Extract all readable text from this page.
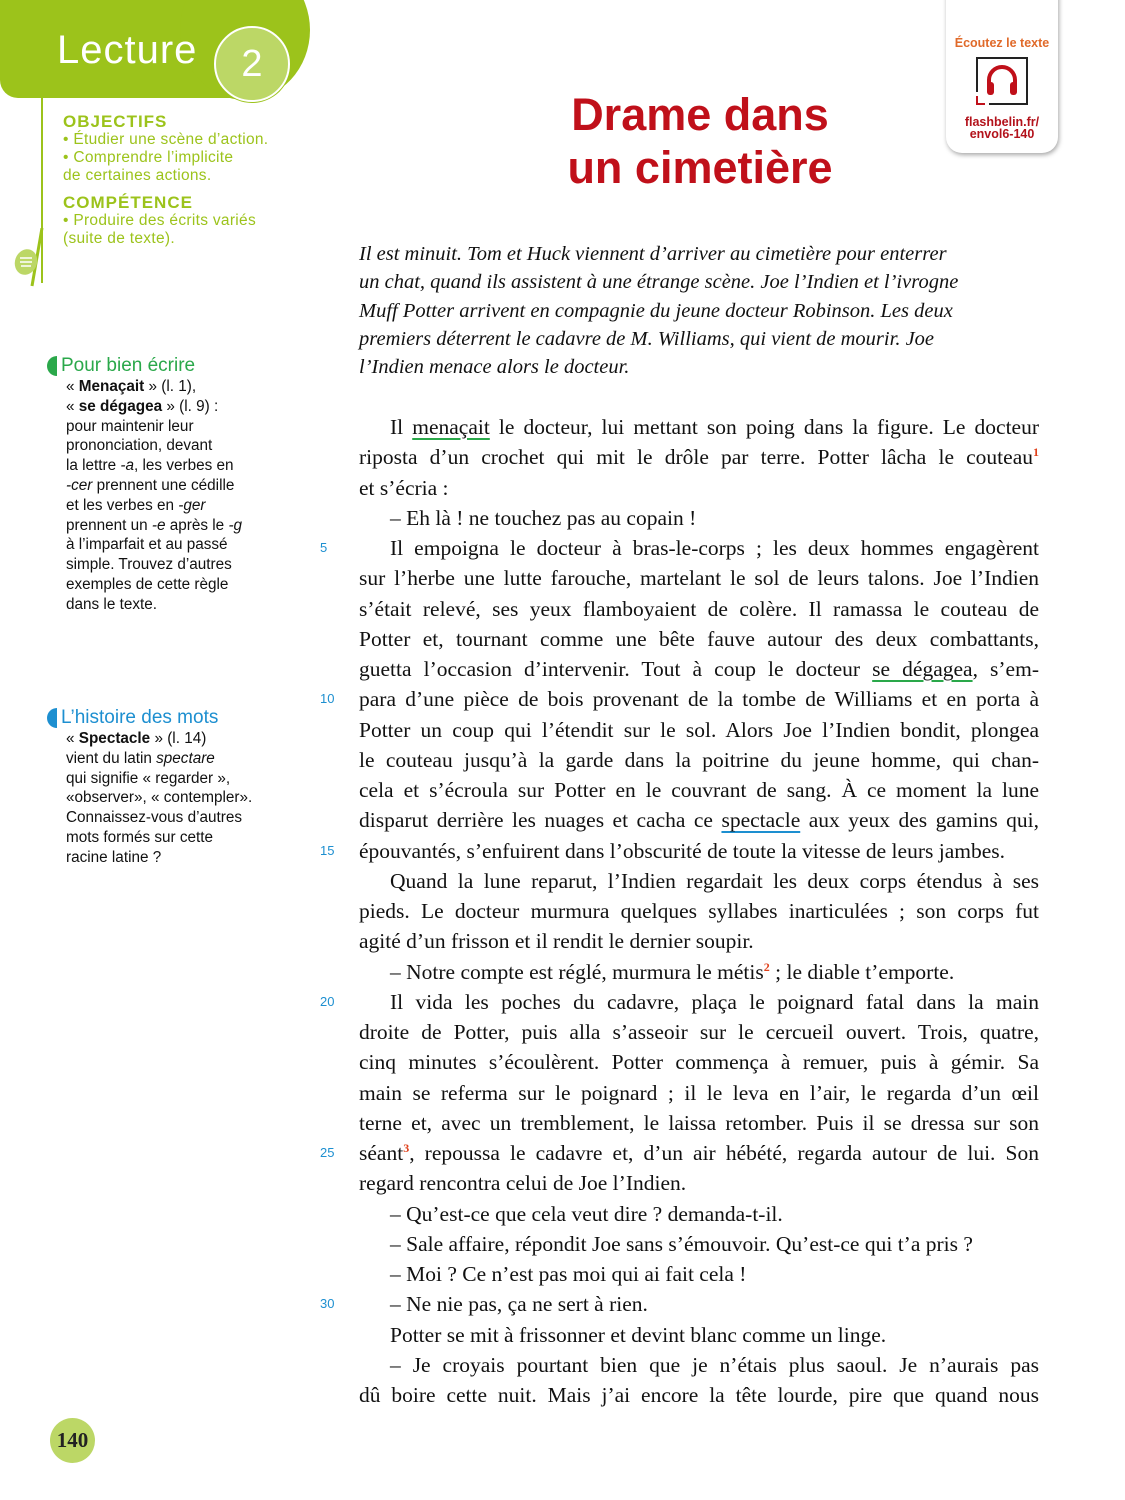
Lecture	2
OBJECTIFS
• Étudier une scène d’action.
• Comprendre l’implicite
de certaines actions.
COMPÉTENCE
• Produire des écrits variés
(suite de texte).
Pour bien écrire
« Menaçait » (l. 1),
« se dégagea » (l. 9) :
pour maintenir leur
prononciation, devant
la lettre -a, les verbes en
-cer prennent une cédille
et les verbes en -ger
prennent un -e après le -g
à l’imparfait et au passé
simple. Trouvez d’autres
exemples de cette règle
dans le texte.
L’histoire des mots
« Spectacle » (l. 14)
vient du latin spectare
qui signifie « regarder »,
«observer», « contempler».
Connaissez-vous d’autres
mots formés sur cette
racine latine ?
Écoutez le texte
flashbelin.fr/
envol6-140
Drame dans
un cimetière
Il est minuit. Tom et Huck viennent d’arriver au cimetière pour enterrer
un chat, quand ils assistent à une étrange scène. Joe l’Indien et l’ivrogne
Muff Potter arrivent en compagnie du jeune docteur Robinson. Les deux
premiers déterrent le cadavre de M. Williams, qui vient de mourir. Joe
l’Indien menace alors le docteur.
Il menaçait le docteur, lui mettant son poing dans la figure. Le docteur
riposta d’un crochet qui mit le drôle par terre. Potter lâcha le couteau$^1$
et s’écria :
– Eh là ! ne touchez pas au copain !
5	Il empoigna le docteur à bras-le-corps ; les deux hommes engagèrent
sur l’herbe une lutte farouche, martelant le sol de leurs talons. Joe l’Indien
s’était relevé, ses yeux flamboyaient de colère. Il ramassa le couteau de
Potter et, tournant comme une bête fauve autour des deux combattants,
guetta l’occasion d’intervenir. Tout à coup le docteur se dégagea, s’em-
10 para d’une pièce de bois provenant de la tombe de Williams et en porta à
Potter un coup qui l’étendit sur le sol. Alors Joe l’Indien bondit, plongea
le couteau jusqu’à la garde dans la poitrine du jeune homme, qui chan-
cela et s’écroula sur Potter en le couvrant de sang. À ce moment la lune
disparut derrière les nuages et cacha ce spectacle aux yeux des gamins qui,
15 épouvantés, s’enfuirent dans l’obscurité de toute la vitesse de leurs jambes.
Quand la lune reparut, l’Indien regardait les deux corps étendus à ses
pieds. Le docteur murmura quelques syllabes inarticulées ; son corps fut
agité d’un frisson et il rendit le dernier soupir.
– Notre compte est réglé, murmura le métis$^2$ ; le diable t’emporte.
20	Il vida les poches du cadavre, plaça le poignard fatal dans la main
droite de Potter, puis alla s’asseoir sur le cercueil ouvert. Trois, quatre,
cinq minutes s’écoulèrent. Potter commença à remuer, puis à gémir. Sa
main se referma sur le poignard ; il le leva en l’air, le regarda d’un œil
terne et, avec un tremblement, le laissa retomber. Puis il se dressa sur son
25 séant$^3$, repoussa le cadavre et, d’un air hébété, regarda autour de lui. Son
regard rencontra celui de Joe l’Indien.
– Qu’est-ce que cela veut dire ? demanda-t-il.
– Sale affaire, répondit Joe sans s’émouvoir. Qu’est-ce qui t’a pris ?
– Moi ? Ce n’est pas moi qui ai fait cela !
30	– Ne nie pas, ça ne sert à rien.
Potter se mit à frissonner et devint blanc comme un linge.
– Je croyais pourtant bien que je n’étais plus saoul. Je n’aurais pas
dû boire cette nuit. Mais j’ai encore la tête lourde, pire que quand nous
140
